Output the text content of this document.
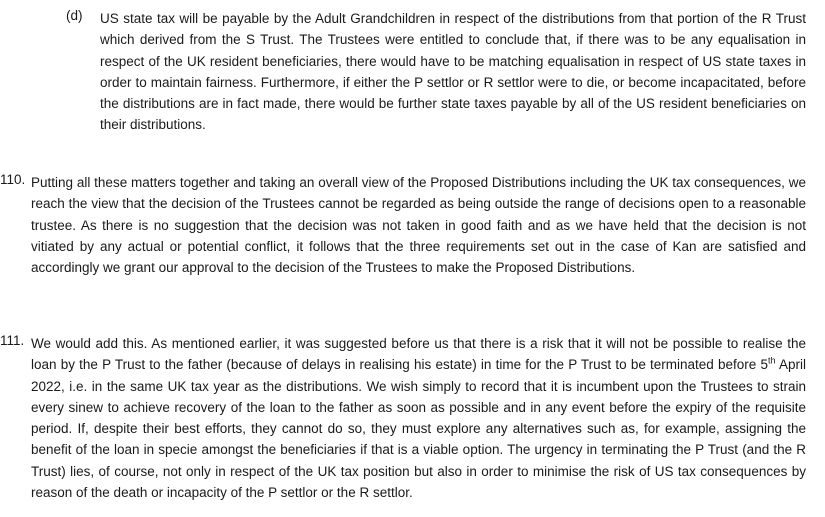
(d)	US state tax will be payable by the Adult Grandchildren in respect of the distributions from that portion of the R Trust which derived from the S Trust. The Trustees were entitled to conclude that, if there was to be any equalisation in respect of the UK resident beneficiaries, there would have to be matching equalisation in respect of US state taxes in order to maintain fairness. Furthermore, if either the P settlor or R settlor were to die, or become incapacitated, before the distributions are in fact made, there would be further state taxes payable by all of the US resident beneficiaries on their distributions.

110. Putting all these matters together and taking an overall view of the Proposed Distributions including the UK tax consequences, we reach the view that the decision of the Trustees cannot be regarded as being outside the range of decisions open to a reasonable trustee. As there is no suggestion that the decision was not taken in good faith and as we have held that the decision is not vitiated by any actual or potential conflict, it follows that the three requirements set out in the case of Kan are satisfied and accordingly we grant our approval to the decision of the Trustees to make the Proposed Distributions.

111. We would add this. As mentioned earlier, it was suggested before us that there is a risk that it will not be possible to realise the loan by the P Trust to the father (because of delays in realising his estate) in time for the P Trust to be terminated before 5th April 2022, i.e. in the same UK tax year as the distributions. We wish simply to record that it is incumbent upon the Trustees to strain every sinew to achieve recovery of the loan to the father as soon as possible and in any event before the expiry of the requisite period. If, despite their best efforts, they cannot do so, they must explore any alternatives such as, for example, assigning the benefit of the loan in specie amongst the beneficiaries if that is a viable option. The urgency in terminating the P Trust (and the R Trust) lies, of course, not only in respect of the UK tax position but also in order to minimise the risk of US tax consequences by reason of the death or incapacity of the P settlor or the R settlor.
